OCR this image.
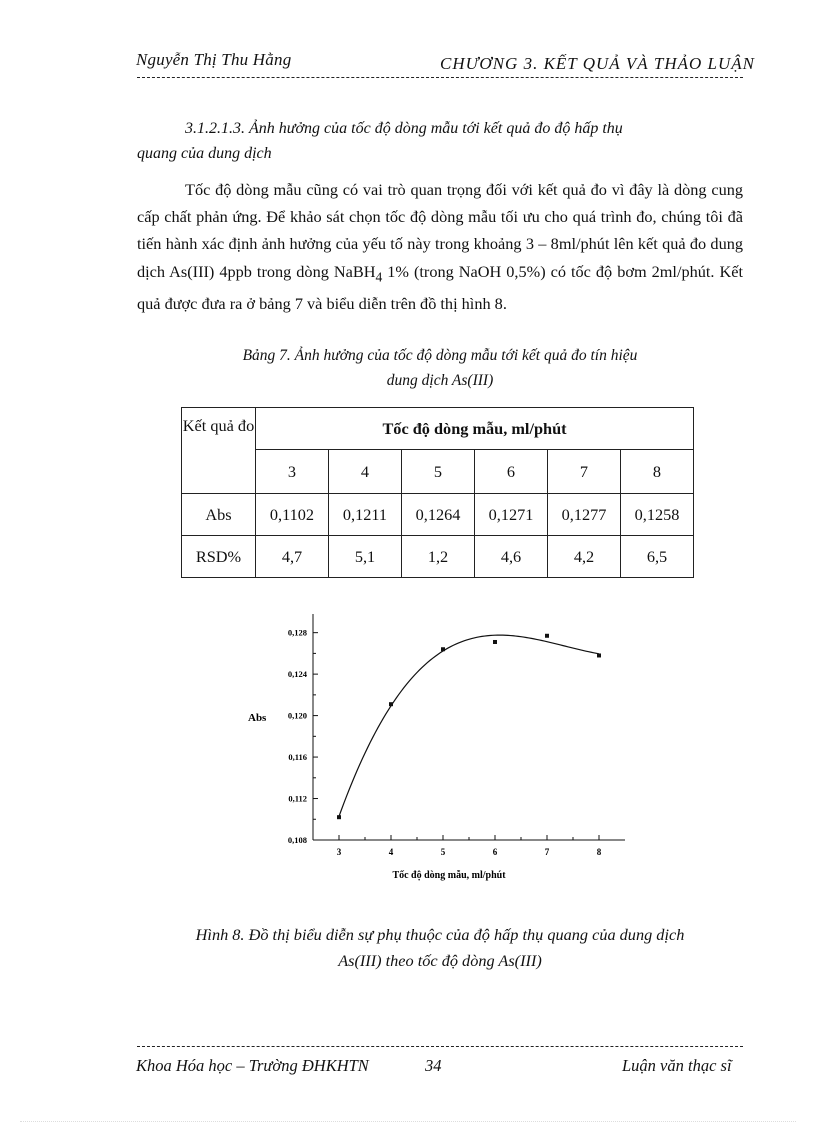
Nguyễn Thị Thu Hằng	CHƯƠNG 3. KẾT QUẢ VÀ THẢO LUẬN
3.1.2.1.3. Ảnh hưởng của tốc độ dòng mẫu tới kết quả đo độ hấp thụ
quang của dung dịch

Tốc độ dòng mẫu cũng có vai trò quan trọng đối với kết quả đo vì đây là dòng cung cấp chất phản ứng. Để khảo sát chọn tốc độ dòng mẫu tối ưu cho quá trình đo, chúng tôi đã tiến hành xác định ảnh hưởng của yếu tố này trong khoảng 3 – 8ml/phút lên kết quả đo dung dịch As(III) 4ppb trong dòng NaBH$_4$ 1% (trong NaOH 0,5%) có tốc độ bơm 2ml/phút. Kết quả được đưa ra ở bảng 7 và biểu diễn trên đồ thị hình 8.

Bảng 7. Ảnh hưởng của tốc độ dòng mẫu tới kết quả đo tín hiệu
dung dịch As(III)
Kết quả đo	Tốc độ dòng mẫu, ml/phút					
	3	4	5	6	7	8
Abs	0,1102	0,1211	0,1264	0,1271	0,1277	0,1258
RSD%	4,7	5,1	1,2	4,6	4,2	6,5
0,108
0,112
0,116
0,120
0,124
0,128
3	4	5	6	7	8
Tốc độ dòng mẫu, ml/phút
Abs
Hình 8. Đồ thị biểu diễn sự phụ thuộc của độ hấp thụ quang của dung dịch
As(III) theo tốc độ dòng As(III)
Khoa Hóa học – Trường ĐHKHTN	34	Luận văn thạc sĩ
